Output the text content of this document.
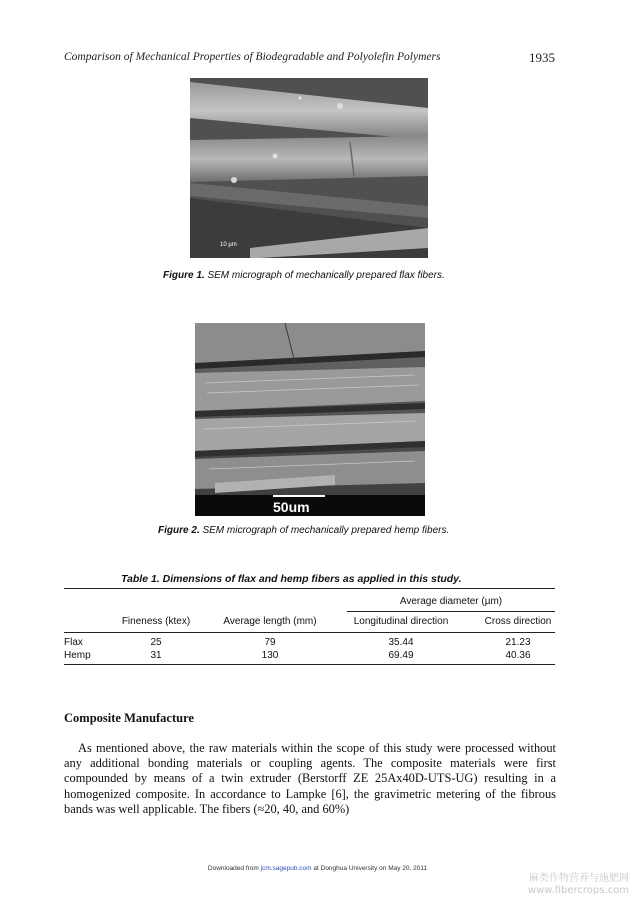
Comparison of Mechanical Properties of Biodegradable and Polyolefin Polymers	1935
10 µm
Figure 1. SEM micrograph of mechanically prepared flax fibers.
50um
Figure 2. SEM micrograph of mechanically prepared hemp fibers.
Table 1. Dimensions of flax and hemp fibers as applied in this study.
Average diameter (µm)
Fineness (ktex)	Average length (mm)	Longitudinal direction	Cross direction
Flax	25	79	35.44	21.23
Hemp	31	130	69.49	40.36
Composite Manufacture

As mentioned above, the raw materials within the scope of this study were processed without any additional bonding materials or coupling agents. The composite materials were first compounded by means of a twin extruder (Berstorff ZE 25Ax40D-UTS-UG) resulting in a homogenized composite. In accordance to Lampke [6], the gravimetric metering of the fibrous bands was well applicable. The fibers (≈20, 40, and 60%)

Downloaded from jcm.sagepub.com at Donghua University on May 20, 2011
麻类作物营养与施肥网
www.fibercrops.com
